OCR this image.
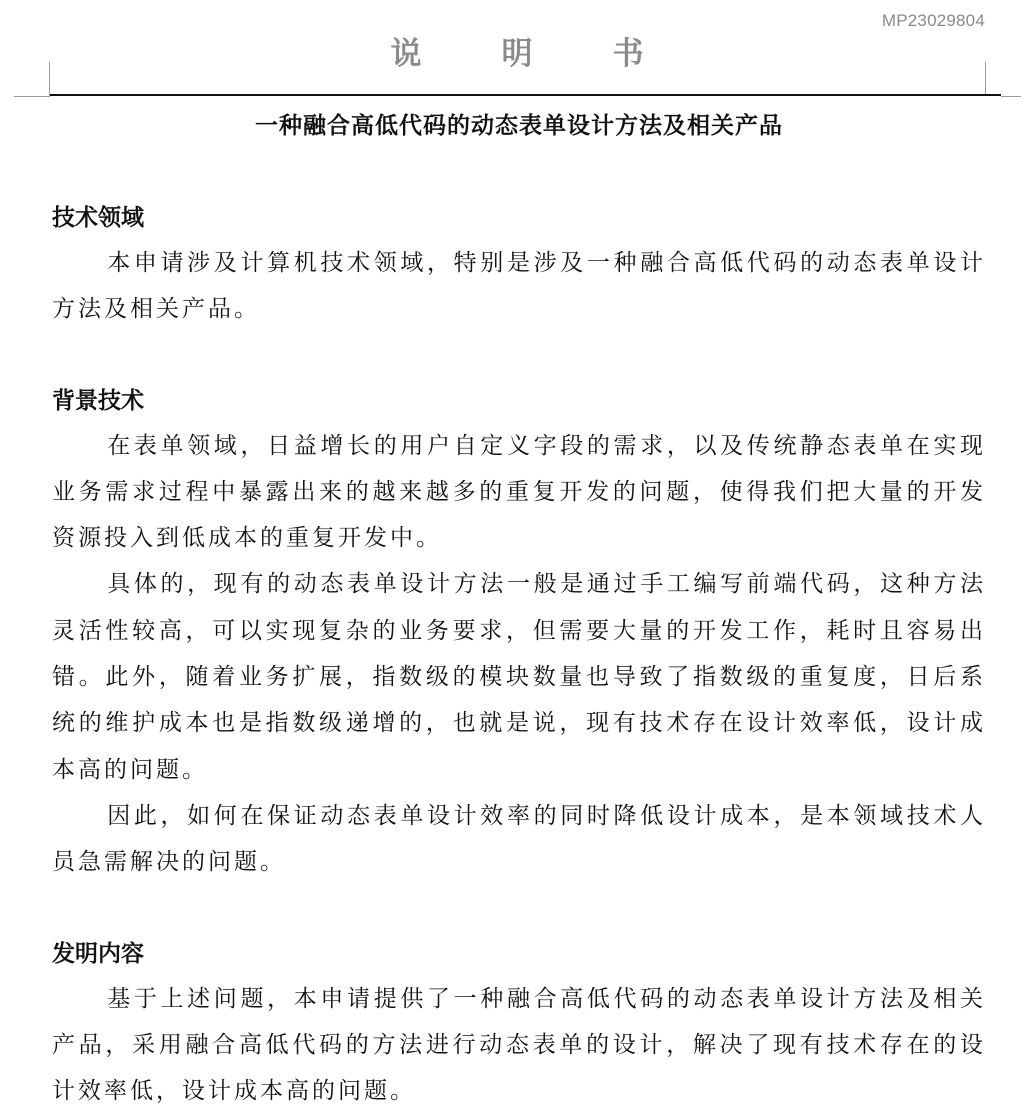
MP23029804
说明书
一种融合高低代码的动态表单设计方法及相关产品
技术领域

本申请涉及计算机技术领域，特别是涉及一种融合高低代码的动态表单设计方法及相关产品。

背景技术

在表单领域，日益增长的用户自定义字段的需求，以及传统静态表单在实现业务需求过程中暴露出来的越来越多的重复开发的问题，使得我们把大量的开发资源投入到低成本的重复开发中。

具体的，现有的动态表单设计方法一般是通过手工编写前端代码，这种方法灵活性较高，可以实现复杂的业务要求，但需要大量的开发工作，耗时且容易出错。此外，随着业务扩展，指数级的模块数量也导致了指数级的重复度，日后系统的维护成本也是指数级递增的，也就是说，现有技术存在设计效率低，设计成本高的问题。

因此，如何在保证动态表单设计效率的同时降低设计成本，是本领域技术人员急需解决的问题。

发明内容

基于上述问题，本申请提供了一种融合高低代码的动态表单设计方法及相关产品，采用融合高低代码的方法进行动态表单的设计，解决了现有技术存在的设计效率低，设计成本高的问题。
